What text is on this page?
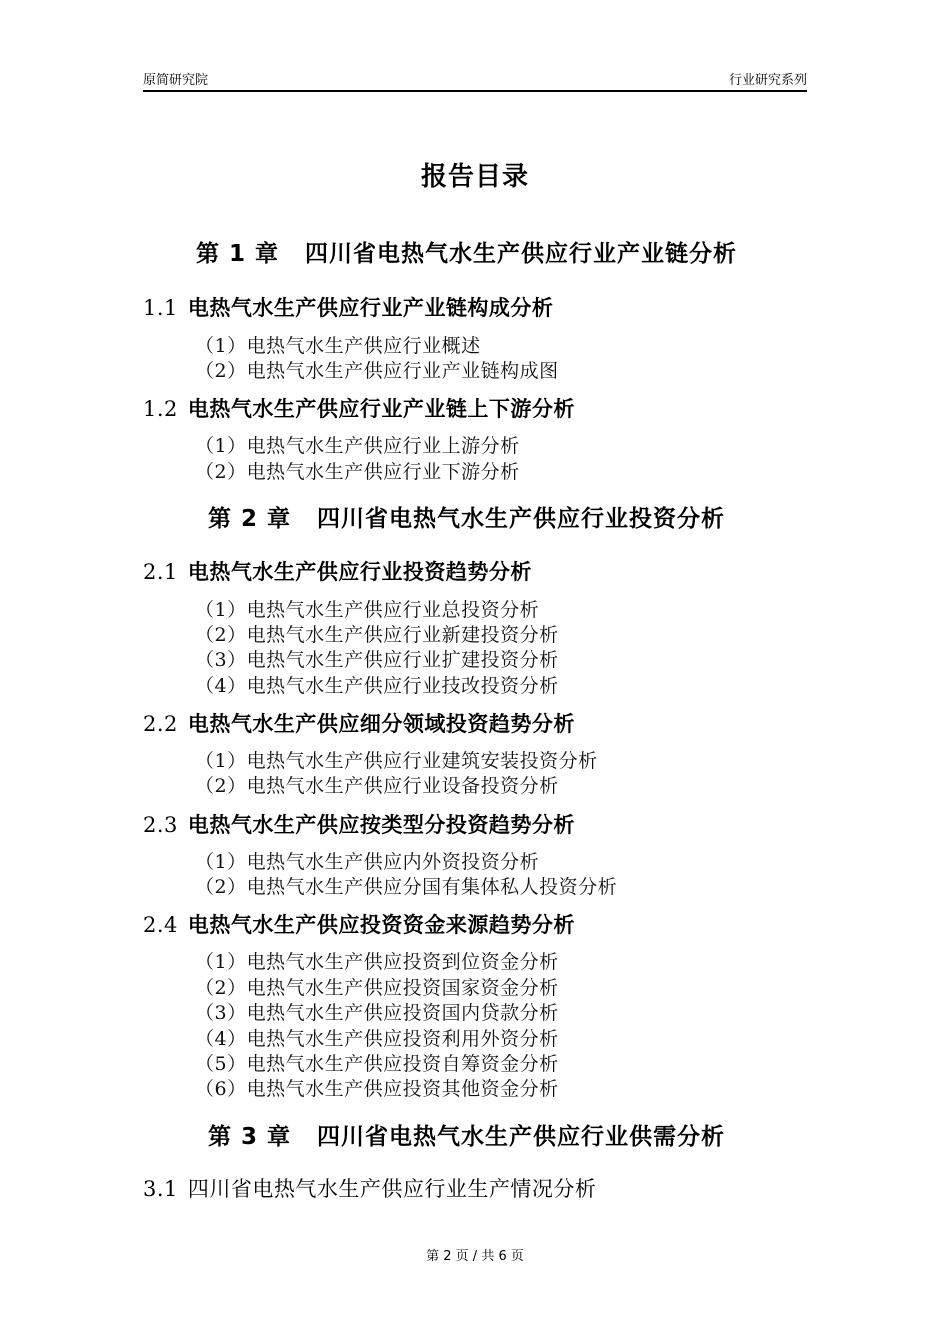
原简研究院	行业研究系列
报告目录
第 1 章 四川省电热气水生产供应行业产业链分析
1.1 电热气水生产供应行业产业链构成分析
（1）电热气水生产供应行业概述
（2）电热气水生产供应行业产业链构成图
1.2 电热气水生产供应行业产业链上下游分析
（1）电热气水生产供应行业上游分析
（2）电热气水生产供应行业下游分析
第 2 章 四川省电热气水生产供应行业投资分析
2.1 电热气水生产供应行业投资趋势分析
（1）电热气水生产供应行业总投资分析
（2）电热气水生产供应行业新建投资分析
（3）电热气水生产供应行业扩建投资分析
（4）电热气水生产供应行业技改投资分析
2.2 电热气水生产供应细分领域投资趋势分析
（1）电热气水生产供应行业建筑安装投资分析
（2）电热气水生产供应行业设备投资分析
2.3 电热气水生产供应按类型分投资趋势分析
（1）电热气水生产供应内外资投资分析
（2）电热气水生产供应分国有集体私人投资分析
2.4 电热气水生产供应投资资金来源趋势分析
（1）电热气水生产供应投资到位资金分析
（2）电热气水生产供应投资国家资金分析
（3）电热气水生产供应投资国内贷款分析
（4）电热气水生产供应投资利用外资分析
（5）电热气水生产供应投资自筹资金分析
（6）电热气水生产供应投资其他资金分析
第 3 章 四川省电热气水生产供应行业供需分析
3.1 四川省电热气水生产供应行业生产情况分析
第 2 页 / 共 6 页
